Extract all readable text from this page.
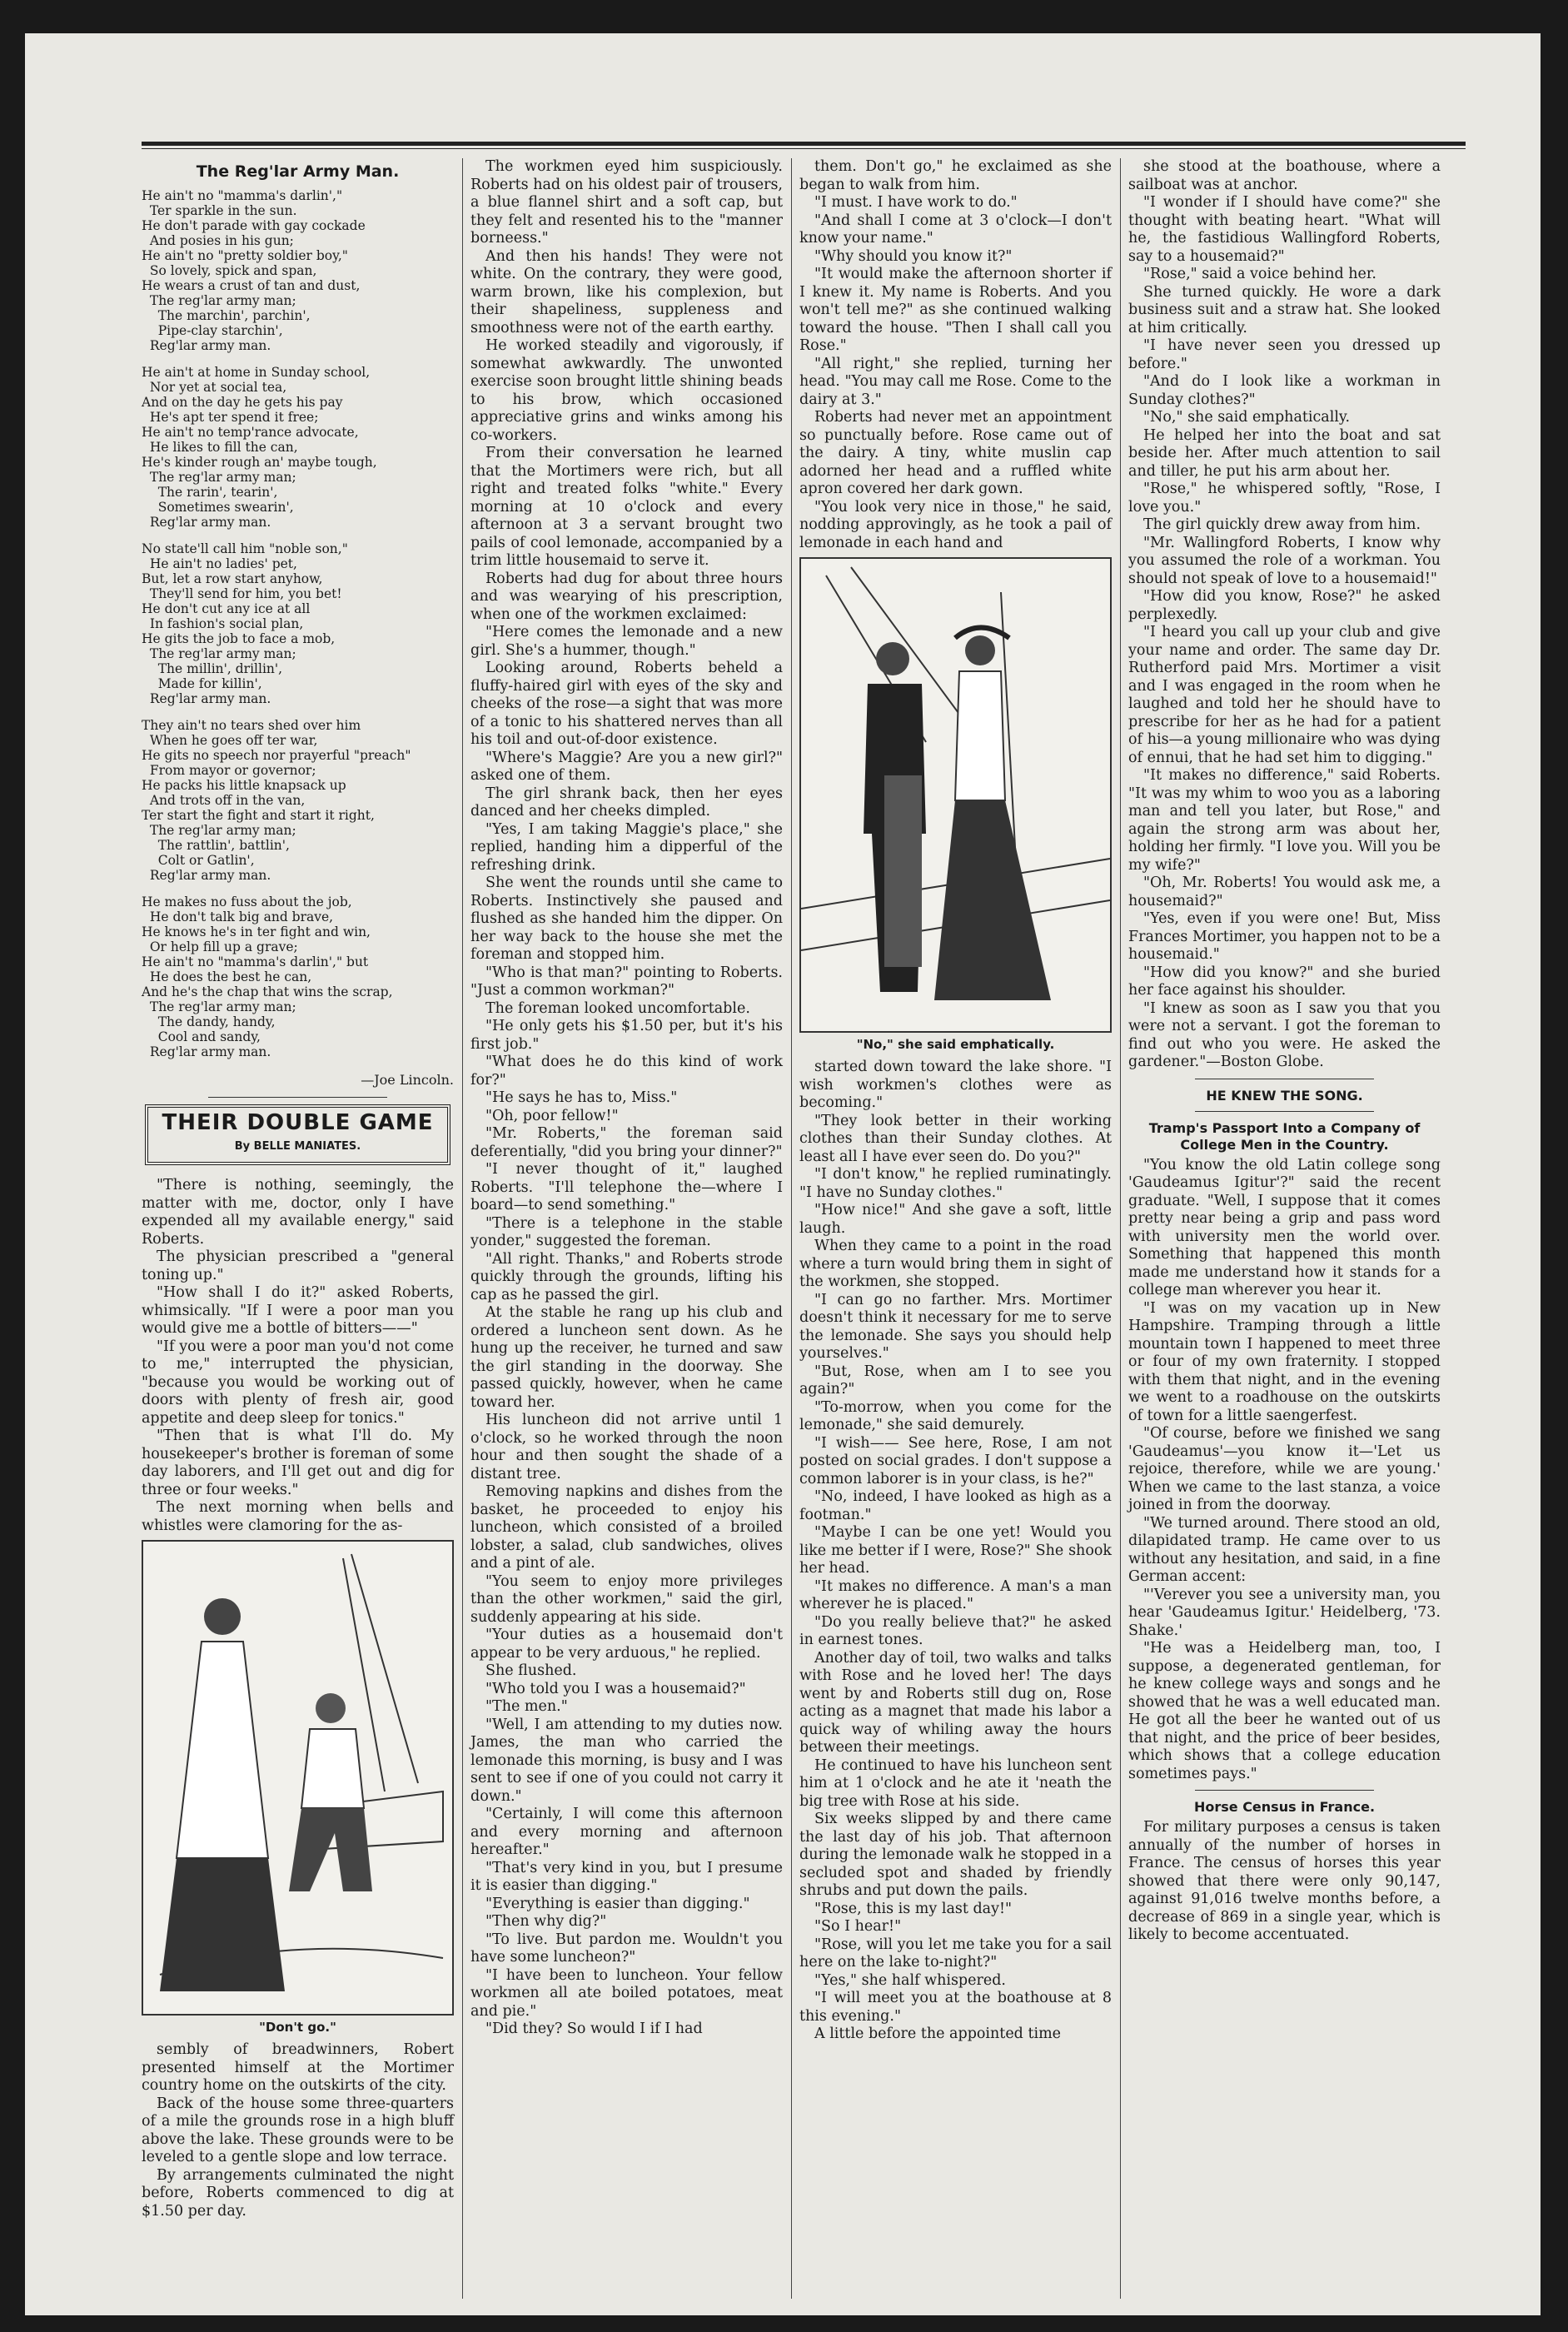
The Reg'lar Army Man.
He ain't no "mamma's darlin',"
Ter sparkle in the sun.
He don't parade with gay cockade
And posies in his gun;
He ain't no "pretty soldier boy,"
So lovely, spick and span,
He wears a crust of tan and dust,
The reg'lar army man;
The marchin', parchin',
Pipe-clay starchin',
Reg'lar army man.
He ain't at home in Sunday school,
Nor yet at social tea,
And on the day he gets his pay
He's apt ter spend it free;
He ain't no temp'rance advocate,
He likes to fill the can,
He's kinder rough an' maybe tough,
The reg'lar army man;
The rarin', tearin',
Sometimes swearin',
Reg'lar army man.
No state'll call him "noble son,"
He ain't no ladies' pet,
But, let a row start anyhow,
They'll send for him, you bet!
He don't cut any ice at all
In fashion's social plan,
He gits the job to face a mob,
The reg'lar army man;
The millin', drillin',
Made for killin',
Reg'lar army man.
They ain't no tears shed over him
When he goes off ter war,
He gits no speech nor prayerful "preach"
From mayor or governor;
He packs his little knapsack up
And trots off in the van,
Ter start the fight and start it right,
The reg'lar army man;
The rattlin', battlin',
Colt or Gatlin',
Reg'lar army man.
He makes no fuss about the job,
He don't talk big and brave,
He knows he's in ter fight and win,
Or help fill up a grave;
He ain't no "mamma's darlin'," but
He does the best he can,
And he's the chap that wins the scrap,
The reg'lar army man;
The dandy, handy,
Cool and sandy,
Reg'lar army man.
—Joe Lincoln.
THEIR DOUBLE GAME
By BELLE MANIATES.

"There is nothing, seemingly, the matter with me, doctor, only I have expended all my available energy," said Roberts.

The physician prescribed a "general toning up."

"How shall I do it?" asked Roberts, whimsically. "If I were a poor man you would give me a bottle of bitters——"

"If you were a poor man you'd not come to me," interrupted the physician, "because you would be working out of doors with plenty of fresh air, good appetite and deep sleep for tonics."

"Then that is what I'll do. My housekeeper's brother is foreman of some day laborers, and I'll get out and dig for three or four weeks."

The next morning when bells and whistles were clamoring for the as-

"Don't go."

sembly of breadwinners, Robert presented himself at the Mortimer country home on the outskirts of the city.

Back of the house some three-quarters of a mile the grounds rose in a high bluff above the lake. These grounds were to be leveled to a gentle slope and low terrace.

By arrangements culminated the night before, Roberts commenced to dig at $1.50 per day.

The workmen eyed him suspiciously. Roberts had on his oldest pair of trousers, a blue flannel shirt and a soft cap, but they felt and resented his to the "manner borneess."

And then his hands! They were not white. On the contrary, they were good, warm brown, like his complexion, but their shapeliness, suppleness and smoothness were not of the earth earthy.

He worked steadily and vigorously, if somewhat awkwardly. The unwonted exercise soon brought little shining beads to his brow, which occasioned appreciative grins and winks among his co-workers.

From their conversation he learned that the Mortimers were rich, but all right and treated folks "white." Every morning at 10 o'clock and every afternoon at 3 a servant brought two pails of cool lemonade, accompanied by a trim little housemaid to serve it.

Roberts had dug for about three hours and was wearying of his prescription, when one of the workmen exclaimed:

"Here comes the lemonade and a new girl. She's a hummer, though."

Looking around, Roberts beheld a fluffy-haired girl with eyes of the sky and cheeks of the rose—a sight that was more of a tonic to his shattered nerves than all his toil and out-of-door existence.

"Where's Maggie? Are you a new girl?" asked one of them.

The girl shrank back, then her eyes danced and her cheeks dimpled.

"Yes, I am taking Maggie's place," she replied, handing him a dipperful of the refreshing drink.

She went the rounds until she came to Roberts. Instinctively she paused and flushed as she handed him the dipper. On her way back to the house she met the foreman and stopped him.

"Who is that man?" pointing to Roberts. "Just a common workman?"

The foreman looked uncomfortable.

"He only gets his $1.50 per, but it's his first job."

"What does he do this kind of work for?"

"He says he has to, Miss."

"Oh, poor fellow!"

"Mr. Roberts," the foreman said deferentially, "did you bring your dinner?"

"I never thought of it," laughed Roberts. "I'll telephone the—where I board—to send something."

"There is a telephone in the stable yonder," suggested the foreman.

"All right. Thanks," and Roberts strode quickly through the grounds, lifting his cap as he passed the girl.

At the stable he rang up his club and ordered a luncheon sent down. As he hung up the receiver, he turned and saw the girl standing in the doorway. She passed quickly, however, when he came toward her.

His luncheon did not arrive until 1 o'clock, so he worked through the noon hour and then sought the shade of a distant tree.

Removing napkins and dishes from the basket, he proceeded to enjoy his luncheon, which consisted of a broiled lobster, a salad, club sandwiches, olives and a pint of ale.

"You seem to enjoy more privileges than the other workmen," said the girl, suddenly appearing at his side.

"Your duties as a housemaid don't appear to be very arduous," he replied.

She flushed.

"Who told you I was a housemaid?"

"The men."

"Well, I am attending to my duties now. James, the man who carried the lemonade this morning, is busy and I was sent to see if one of you could not carry it down."

"Certainly, I will come this afternoon and every morning and afternoon hereafter."

"That's very kind in you, but I presume it is easier than digging."

"Everything is easier than digging."

"Then why dig?"

"To live. But pardon me. Wouldn't you have some luncheon?"

"I have been to luncheon. Your fellow workmen all ate boiled potatoes, meat and pie."

"Did they? So would I if I had

them. Don't go," he exclaimed as she began to walk from him.

"I must. I have work to do."

"And shall I come at 3 o'clock—I don't know your name."

"Why should you know it?"

"It would make the afternoon shorter if I knew it. My name is Roberts. And you won't tell me?" as she continued walking toward the house. "Then I shall call you Rose."

"All right," she replied, turning her head. "You may call me Rose. Come to the dairy at 3."

Roberts had never met an appointment so punctually before. Rose came out of the dairy. A tiny, white muslin cap adorned her head and a ruffled white apron covered her dark gown.

"You look very nice in those," he said, nodding approvingly, as he took a pail of lemonade in each hand and

"No," she said emphatically.

started down toward the lake shore. "I wish workmen's clothes were as becoming."

"They look better in their working clothes than their Sunday clothes. At least all I have ever seen do. Do you?"

"I don't know," he replied ruminatingly. "I have no Sunday clothes."

"How nice!" And she gave a soft, little laugh.

When they came to a point in the road where a turn would bring them in sight of the workmen, she stopped.

"I can go no farther. Mrs. Mortimer doesn't think it necessary for me to serve the lemonade. She says you should help yourselves."

"But, Rose, when am I to see you again?"

"To-morrow, when you come for the lemonade," she said demurely.

"I wish—— See here, Rose, I am not posted on social grades. I don't suppose a common laborer is in your class, is he?"

"No, indeed, I have looked as high as a footman."

"Maybe I can be one yet! Would you like me better if I were, Rose?" She shook her head.

"It makes no difference. A man's a man wherever he is placed."

"Do you really believe that?" he asked in earnest tones.

Another day of toil, two walks and talks with Rose and he loved her! The days went by and Roberts still dug on, Rose acting as a magnet that made his labor a quick way of whiling away the hours between their meetings.

He continued to have his luncheon sent him at 1 o'clock and he ate it 'neath the big tree with Rose at his side.

Six weeks slipped by and there came the last day of his job. That afternoon during the lemonade walk he stopped in a secluded spot and shaded by friendly shrubs and put down the pails.

"Rose, this is my last day!"

"So I hear!"

"Rose, will you let me take you for a sail here on the lake to-night?"

"Yes," she half whispered.

"I will meet you at the boathouse at 8 this evening."

A little before the appointed time

she stood at the boathouse, where a sailboat was at anchor.

"I wonder if I should have come?" she thought with beating heart. "What will he, the fastidious Wallingford Roberts, say to a housemaid?"

"Rose," said a voice behind her.

She turned quickly. He wore a dark business suit and a straw hat. She looked at him critically.

"I have never seen you dressed up before."

"And do I look like a workman in Sunday clothes?"

"No," she said emphatically.

He helped her into the boat and sat beside her. After much attention to sail and tiller, he put his arm about her.

"Rose," he whispered softly, "Rose, I love you."

The girl quickly drew away from him.

"Mr. Wallingford Roberts, I know why you assumed the role of a workman. You should not speak of love to a housemaid!"

"How did you know, Rose?" he asked perplexedly.

"I heard you call up your club and give your name and order. The same day Dr. Rutherford paid Mrs. Mortimer a visit and I was engaged in the room when he laughed and told her he should have to prescribe for her as he had for a patient of his—a young millionaire who was dying of ennui, that he had set him to digging."

"It makes no difference," said Roberts. "It was my whim to woo you as a laboring man and tell you later, but Rose," and again the strong arm was about her, holding her firmly. "I love you. Will you be my wife?"

"Oh, Mr. Roberts! You would ask me, a housemaid?"

"Yes, even if you were one! But, Miss Frances Mortimer, you happen not to be a housemaid."

"How did you know?" and she buried her face against his shoulder.

"I knew as soon as I saw you that you were not a servant. I got the foreman to find out who you were. He asked the gardener."—Boston Globe.

HE KNEW THE SONG.
Tramp's Passport Into a Company of College Men in the Country.

"You know the old Latin college song 'Gaudeamus Igitur'?" said the recent graduate. "Well, I suppose that it comes pretty near being a grip and pass word with university men the world over. Something that happened this month made me understand how it stands for a college man wherever you hear it.

"I was on my vacation up in New Hampshire. Tramping through a little mountain town I happened to meet three or four of my own fraternity. I stopped with them that night, and in the evening we went to a roadhouse on the outskirts of town for a little saengerfest.

"Of course, before we finished we sang 'Gaudeamus'—you know it—'Let us rejoice, therefore, while we are young.' When we came to the last stanza, a voice joined in from the doorway.

"We turned around. There stood an old, dilapidated tramp. He came over to us without any hesitation, and said, in a fine German accent:

"'Verever you see a university man, you hear 'Gaudeamus Igitur.' Heidelberg, '73. Shake.'

"He was a Heidelberg man, too, I suppose, a degenerated gentleman, for he knew college ways and songs and he showed that he was a well educated man. He got all the beer he wanted out of us that night, and the price of beer besides, which shows that a college education sometimes pays."

Horse Census in France.

For military purposes a census is taken annually of the number of horses in France. The census of horses this year showed that there were only 90,147, against 91,016 twelve months before, a decrease of 869 in a single year, which is likely to become accentuated.
